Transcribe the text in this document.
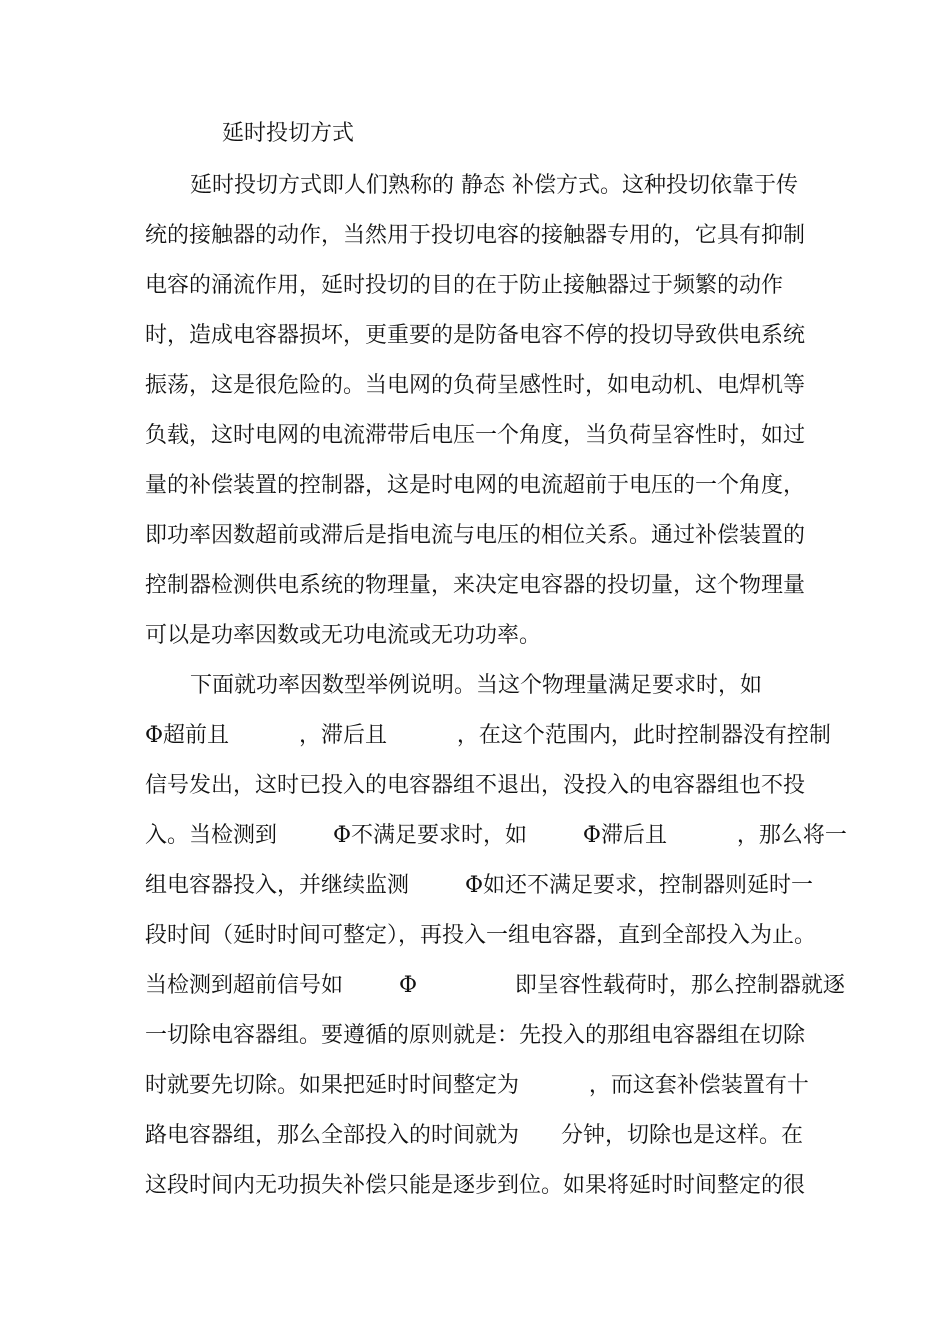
延时投切方式
延时投切方式即人们熟称的 静态 补偿方式。这种投切依靠于传
统的接触器的动作，当然用于投切电容的接触器专用的，它具有抑制
电容的涌流作用，延时投切的目的在于防止接触器过于频繁的动作
时，造成电容器损坏，更重要的是防备电容不停的投切导致供电系统
振荡，这是很危险的。当电网的负荷呈感性时，如电动机、电焊机等
负载，这时电网的电流滞带后电压一个角度，当负荷呈容性时，如过
量的补偿装置的控制器，这是时电网的电流超前于电压的一个角度，
即功率因数超前或滞后是指电流与电压的相位关系。通过补偿装置的
控制器检测供电系统的物理量，来决定电容器的投切量，这个物理量
可以是功率因数或无功电流或无功功率。
下面就功率因数型举例说明。当这个物理量满足要求时，如
Φ超前且          ，滞后且          ，在这个范围内，此时控制器没有控制
信号发出，这时已投入的电容器组不退出，没投入的电容器组也不投
入。当检测到        Φ不满足要求时，如        Φ滞后且          ，那么将一
组电容器投入，并继续监测        Φ如还不满足要求，控制器则延时一
段时间（延时时间可整定），再投入一组电容器，直到全部投入为止。
当检测到超前信号如        Φ              即呈容性载荷时，那么控制器就逐
一切除电容器组。要遵循的原则就是：先投入的那组电容器组在切除
时就要先切除。如果把延时时间整定为          ，而这套补偿装置有十
路电容器组，那么全部投入的时间就为      分钟，切除也是这样。在
这段时间内无功损失补偿只能是逐步到位。如果将延时时间整定的很
